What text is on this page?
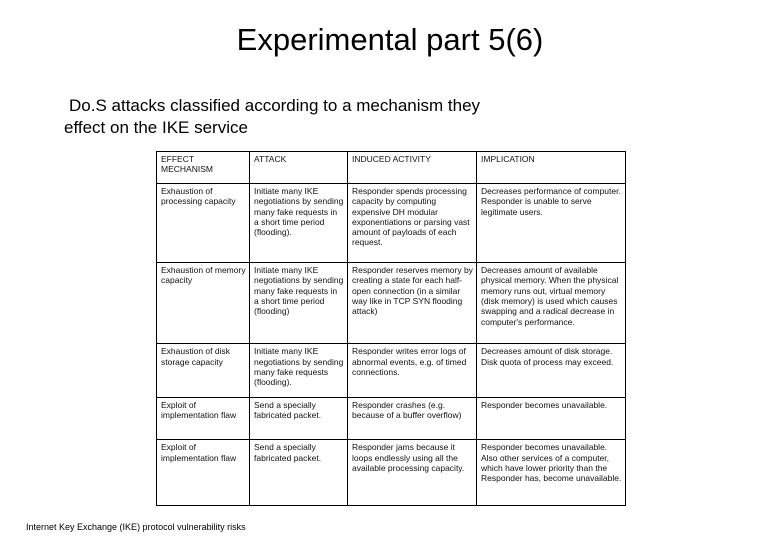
Experimental part 5(6)
Do.S attacks classified according to a mechanism they
effect on the IKE service
EFFECT MECHANISM	ATTACK	INDUCED ACTIVITY	IMPLICATION
Exhaustion of processing capacity	Initiate many IKE negotiations by sending many fake requests in a short time period (flooding).	Responder spends processing capacity by computing expensive DH modular exponentiations or parsing vast amount of payloads of each request.	Decreases performance of computer. Responder is unable to serve legitimate users.
Exhaustion of memory capacity	Initiate many IKE negotiations by sending many fake requests in a short time period (flooding)	Responder reserves memory by creating a state for each half-open connection (in a similar way like in TCP SYN flooding attack)	Decreases amount of available physical memory. When the physical memory runs out, virtual memory (disk memory) is used which causes swapping and a radical decrease in computer's performance.
Exhaustion of disk storage capacity	Initiate many IKE negotiations by sending many fake requests (flooding).	Responder writes error logs of abnormal events, e.g. of timed connections.	Decreases amount of disk storage. Disk quota of process may exceed.
Exploit of implementation flaw	Send a specially fabricated packet.	Responder crashes (e.g. because of a buffer overflow)	Responder becomes unavailable.
Exploit of implementation flaw	Send a specially fabricated packet.	Responder jams because it loops endlessly using all the available processing capacity.	Responder becomes unavailable. Also other services of a computer, which have lower priority than the Responder has, become unavailable.
Internet Key Exchange (IKE) protocol vulnerability risks
